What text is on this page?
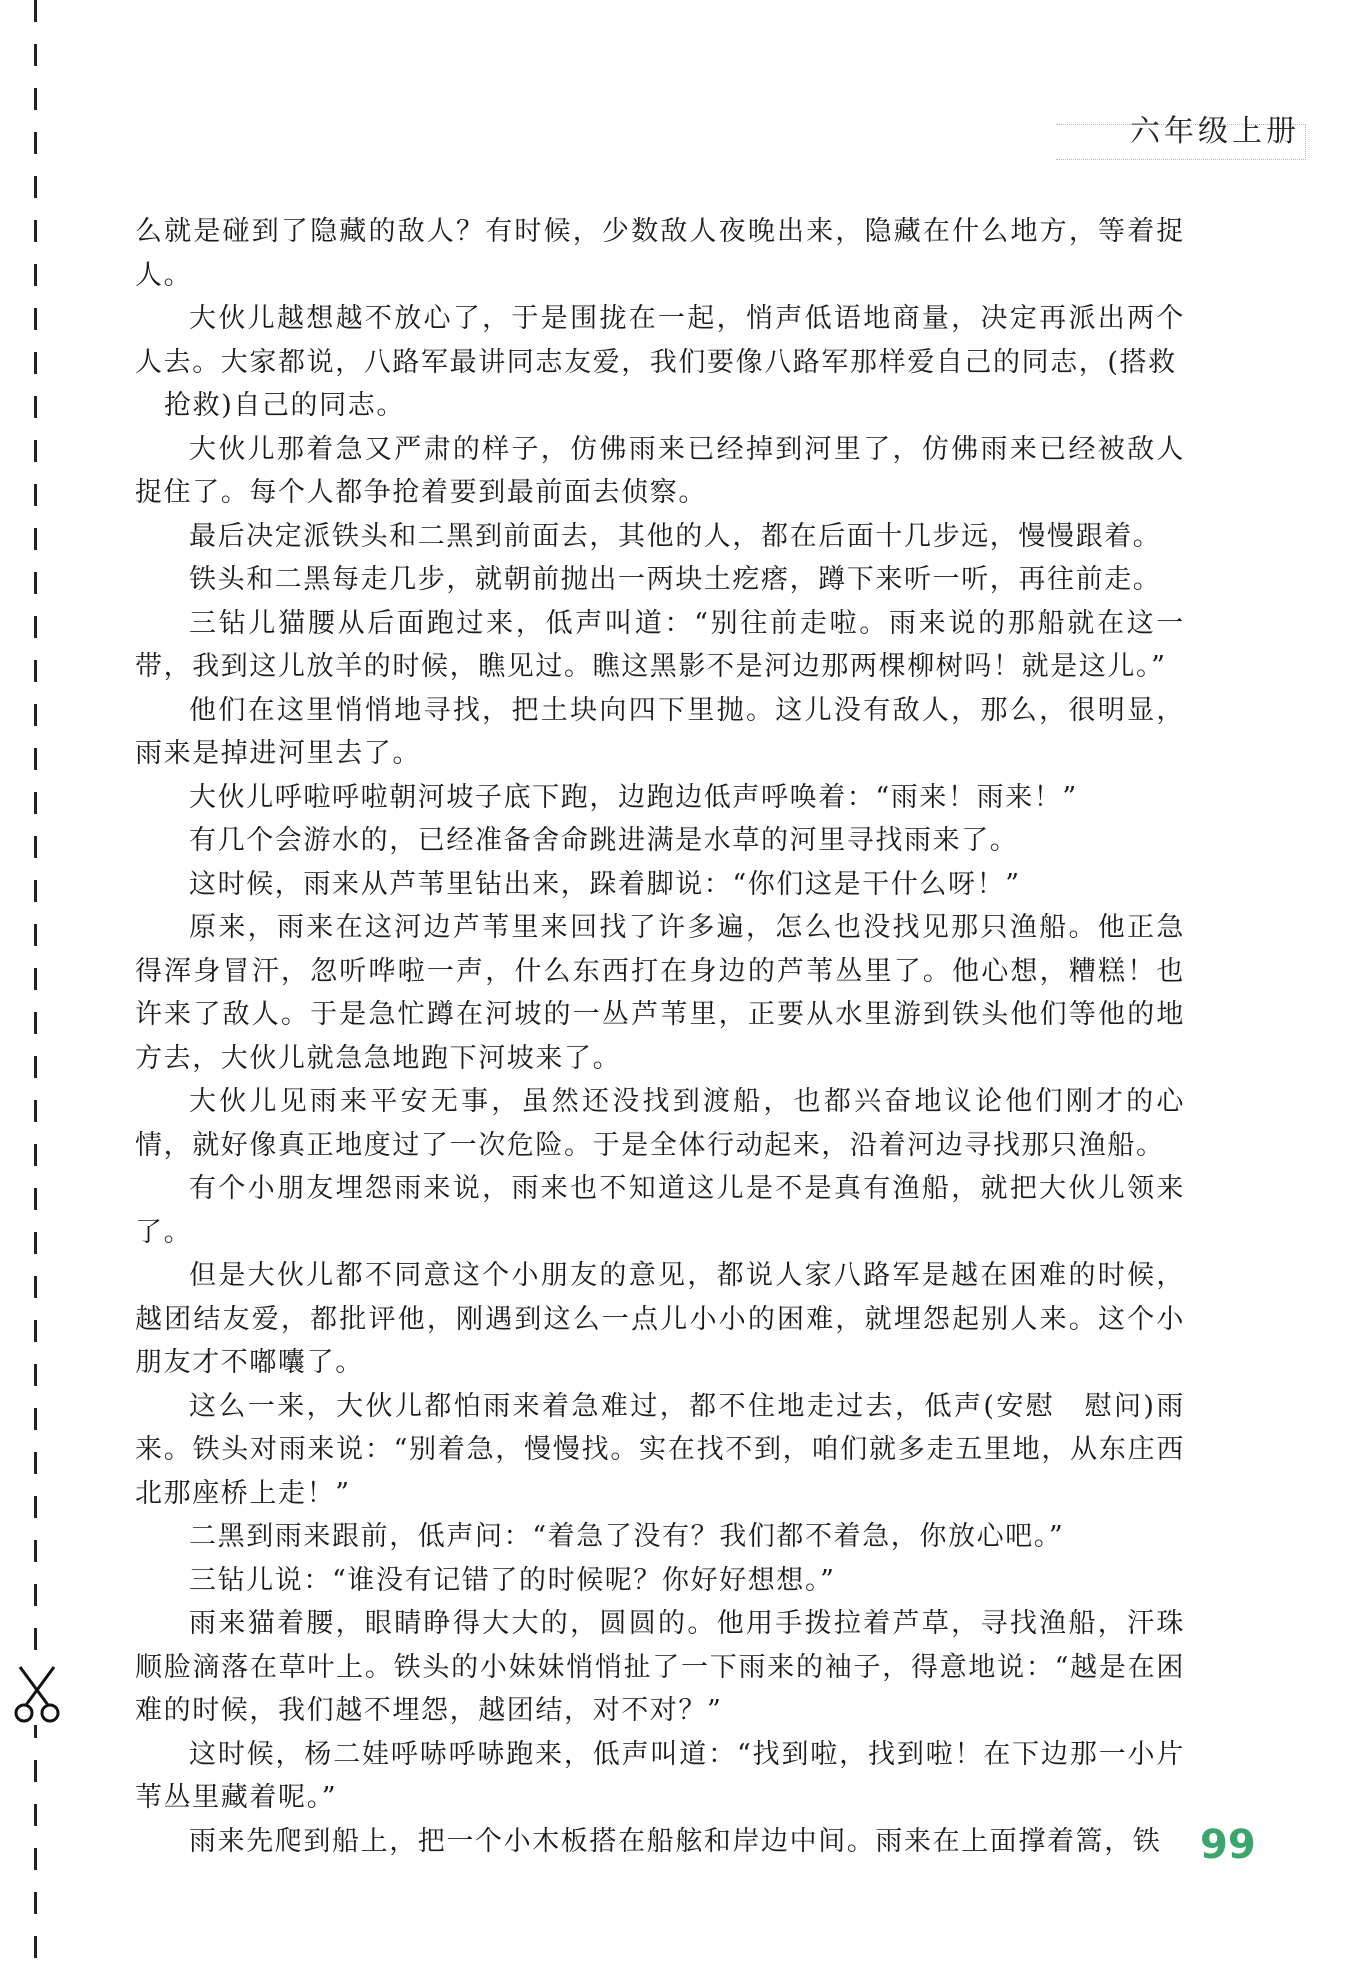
六年级上册

么就是碰到了隐藏的敌人？有时候，少数敌人夜晚出来，隐藏在什么地方，等着捉人。

大伙儿越想越不放心了，于是围拢在一起，悄声低语地商量，决定再派出两个人去。大家都说，八路军最讲同志友爱，我们要像八路军那样爱自己的同志，(搭救

抢救)自己的同志。

大伙儿那着急又严肃的样子，仿佛雨来已经掉到河里了，仿佛雨来已经被敌人捉住了。每个人都争抢着要到最前面去侦察。

最后决定派铁头和二黑到前面去，其他的人，都在后面十几步远，慢慢跟着。

铁头和二黑每走几步，就朝前抛出一两块土疙瘩，蹲下来听一听，再往前走。

三钻儿猫腰从后面跑过来，低声叫道：“别往前走啦。雨来说的那船就在这一带，我到这儿放羊的时候，瞧见过。瞧这黑影不是河边那两棵柳树吗！就是这儿。”

他们在这里悄悄地寻找，把土块向四下里抛。这儿没有敌人，那么，很明显，雨来是掉进河里去了。

大伙儿呼啦呼啦朝河坡子底下跑，边跑边低声呼唤着：“雨来！雨来！”

有几个会游水的，已经准备舍命跳进满是水草的河里寻找雨来了。

这时候，雨来从芦苇里钻出来，跺着脚说：“你们这是干什么呀！”

原来，雨来在这河边芦苇里来回找了许多遍，怎么也没找见那只渔船。他正急得浑身冒汗，忽听哗啦一声，什么东西打在身边的芦苇丛里了。他心想，糟糕！也许来了敌人。于是急忙蹲在河坡的一丛芦苇里，正要从水里游到铁头他们等他的地方去，大伙儿就急急地跑下河坡来了。

大伙儿见雨来平安无事，虽然还没找到渡船，也都兴奋地议论他们刚才的心情，就好像真正地度过了一次危险。于是全体行动起来，沿着河边寻找那只渔船。

有个小朋友埋怨雨来说，雨来也不知道这儿是不是真有渔船，就把大伙儿领来了。

但是大伙儿都不同意这个小朋友的意见，都说人家八路军是越在困难的时候，越团结友爱，都批评他，刚遇到这么一点儿小小的困难，就埋怨起别人来。这个小朋友才不嘟囔了。

这么一来，大伙儿都怕雨来着急难过，都不住地走过去，低声(安慰　慰问)雨来。铁头对雨来说：“别着急，慢慢找。实在找不到，咱们就多走五里地，从东庄西北那座桥上走！”

二黑到雨来跟前，低声问：“着急了没有？我们都不着急，你放心吧。”

三钻儿说：“谁没有记错了的时候呢？你好好想想。”

雨来猫着腰，眼睛睁得大大的，圆圆的。他用手拨拉着芦草，寻找渔船，汗珠顺脸滴落在草叶上。铁头的小妹妹悄悄扯了一下雨来的袖子，得意地说：“越是在困难的时候，我们越不埋怨，越团结，对不对？”

这时候，杨二娃呼哧呼哧跑来，低声叫道：“找到啦，找到啦！在下边那一小片苇丛里藏着呢。”

雨来先爬到船上，把一个小木板搭在船舷和岸边中间。雨来在上面撑着篙，铁 99
